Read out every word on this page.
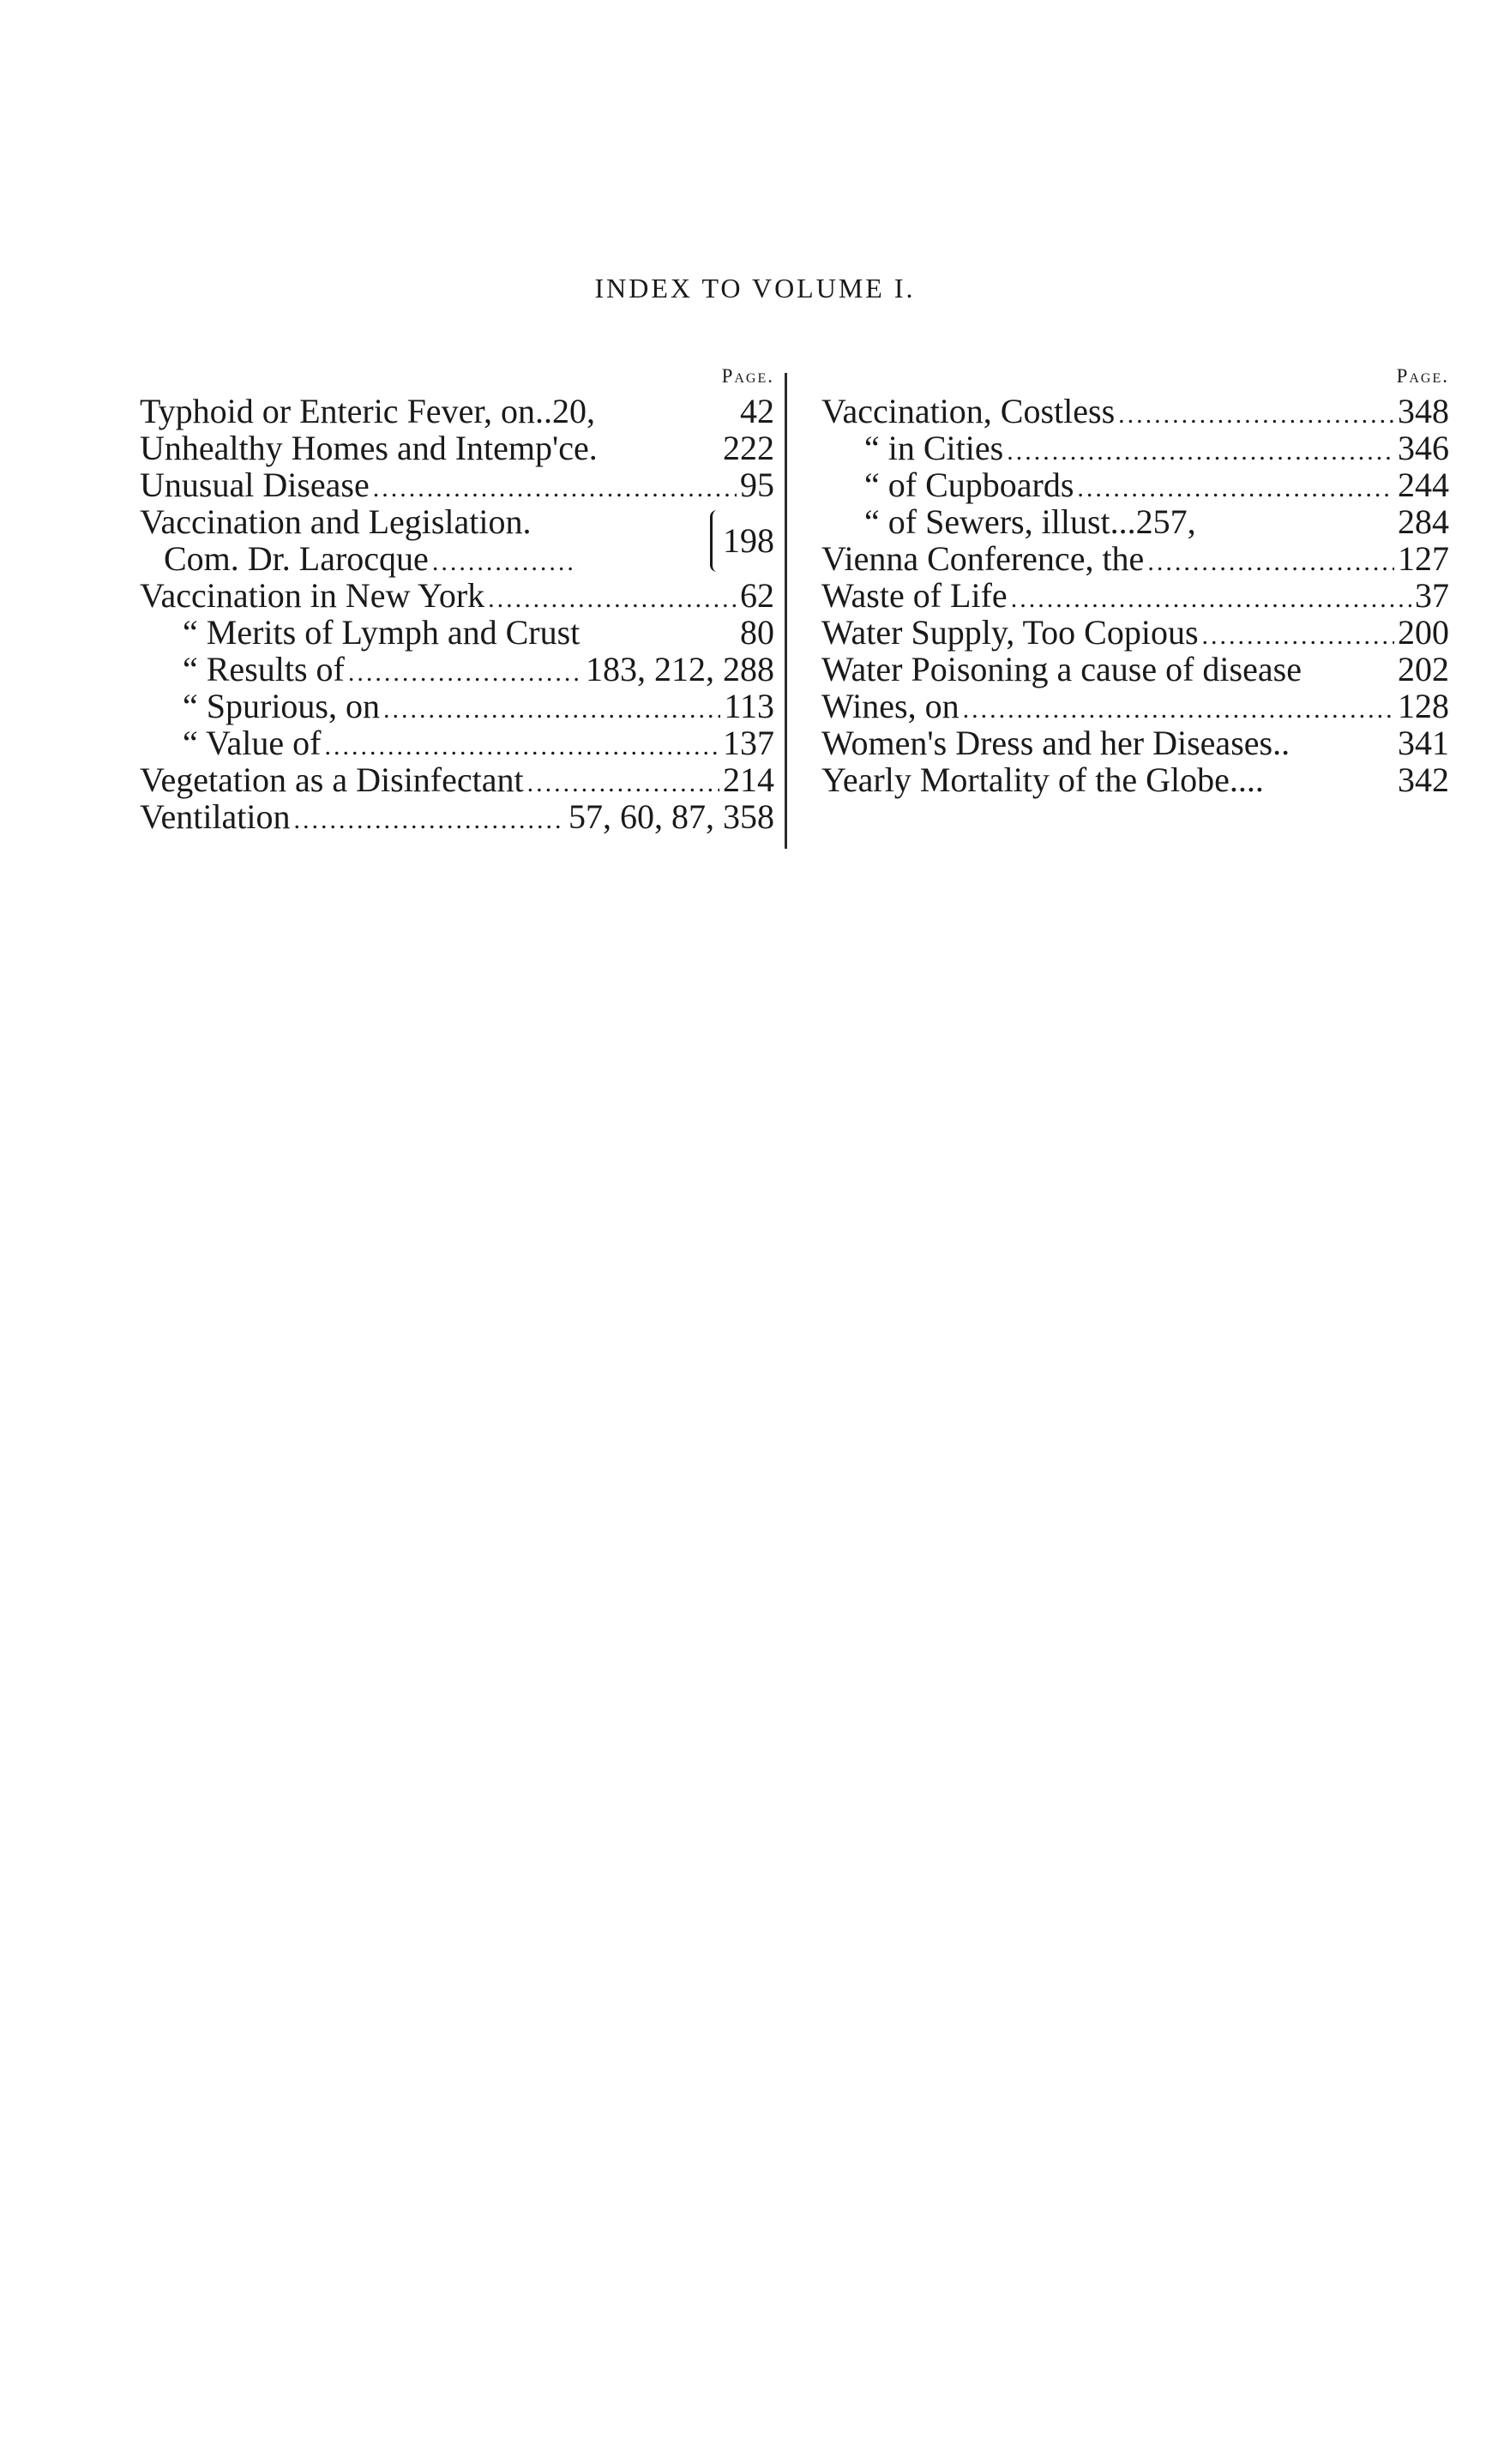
INDEX TO VOLUME I.
Page.
Typhoid or Enteric Fever, on..20,	42
Unhealthy Homes and Intemp'ce.	222
Unusual Disease .....	95
Vaccination and Legislation.
Com. Dr. Larocque
.....	198
Vaccination in New York .....	62
“ Merits of Lymph and Crust	80
“ Results of .....	183, 212, 288
“ Spurious, on .....	113
“ Value of .....	137
Vegetation as a Disinfectant .....	214
Ventilation .....	57, 60, 87, 358
Page.
Vaccination, Costless .....	348
“ in Cities .....	346
“ of Cupboards .....	244
“ of Sewers, illust...257,	284
Vienna Conference, the .....	127
Waste of Life .....	37
Water Supply, Too Copious .....	200
Water Poisoning a cause of disease	202
Wines, on .....	128
Women's Dress and her Diseases..	341
Yearly Mortality of the Globe....	342
